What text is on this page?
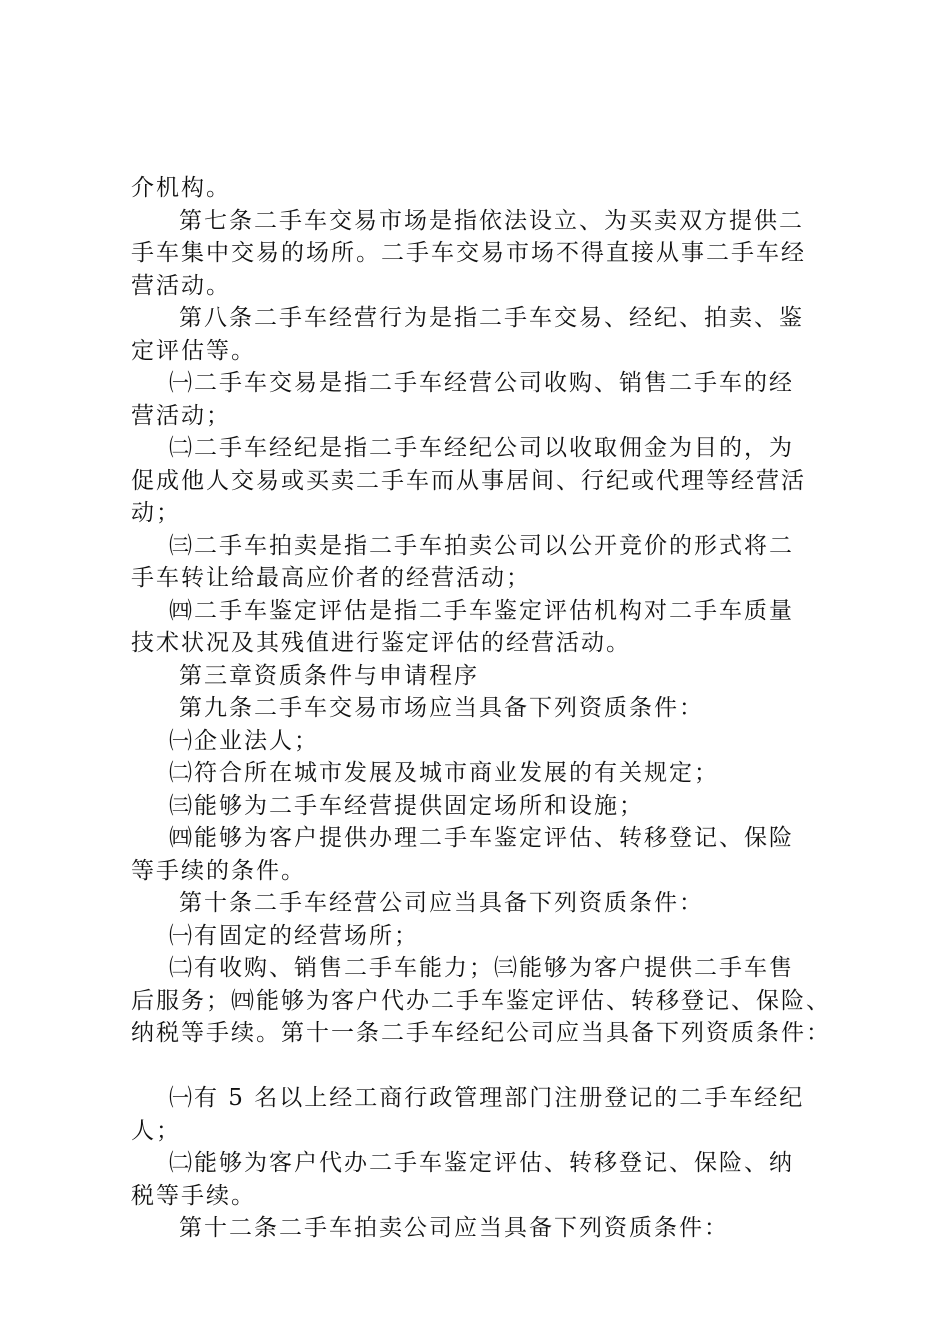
介机构。
第七条二手车交易市场是指依法设立、为买卖双方提供二
手车集中交易的场所。二手车交易市场不得直接从事二手车经
营活动。
第八条二手车经营行为是指二手车交易、经纪、拍卖、鉴
定评估等。
㈠二手车交易是指二手车经营公司收购、销售二手车的经
营活动；
㈡二手车经纪是指二手车经纪公司以收取佣金为目的，为
促成他人交易或买卖二手车而从事居间、行纪或代理等经营活
动；
㈢二手车拍卖是指二手车拍卖公司以公开竞价的形式将二
手车转让给最高应价者的经营活动；
㈣二手车鉴定评估是指二手车鉴定评估机构对二手车质量
技术状况及其残值进行鉴定评估的经营活动。
第三章资质条件与申请程序
第九条二手车交易市场应当具备下列资质条件：
㈠企业法人；
㈡符合所在城市发展及城市商业发展的有关规定；
㈢能够为二手车经营提供固定场所和设施；
㈣能够为客户提供办理二手车鉴定评估、转移登记、保险
等手续的条件。
第十条二手车经营公司应当具备下列资质条件：
㈠有固定的经营场所；
㈡有收购、销售二手车能力；㈢能够为客户提供二手车售
后服务；㈣能够为客户代办二手车鉴定评估、转移登记、保险、
纳税等手续。第十一条二手车经纪公司应当具备下列资质条件：
㈠有 5 名以上经工商行政管理部门注册登记的二手车经纪
人；
㈡能够为客户代办二手车鉴定评估、转移登记、保险、纳
税等手续。
第十二条二手车拍卖公司应当具备下列资质条件：
